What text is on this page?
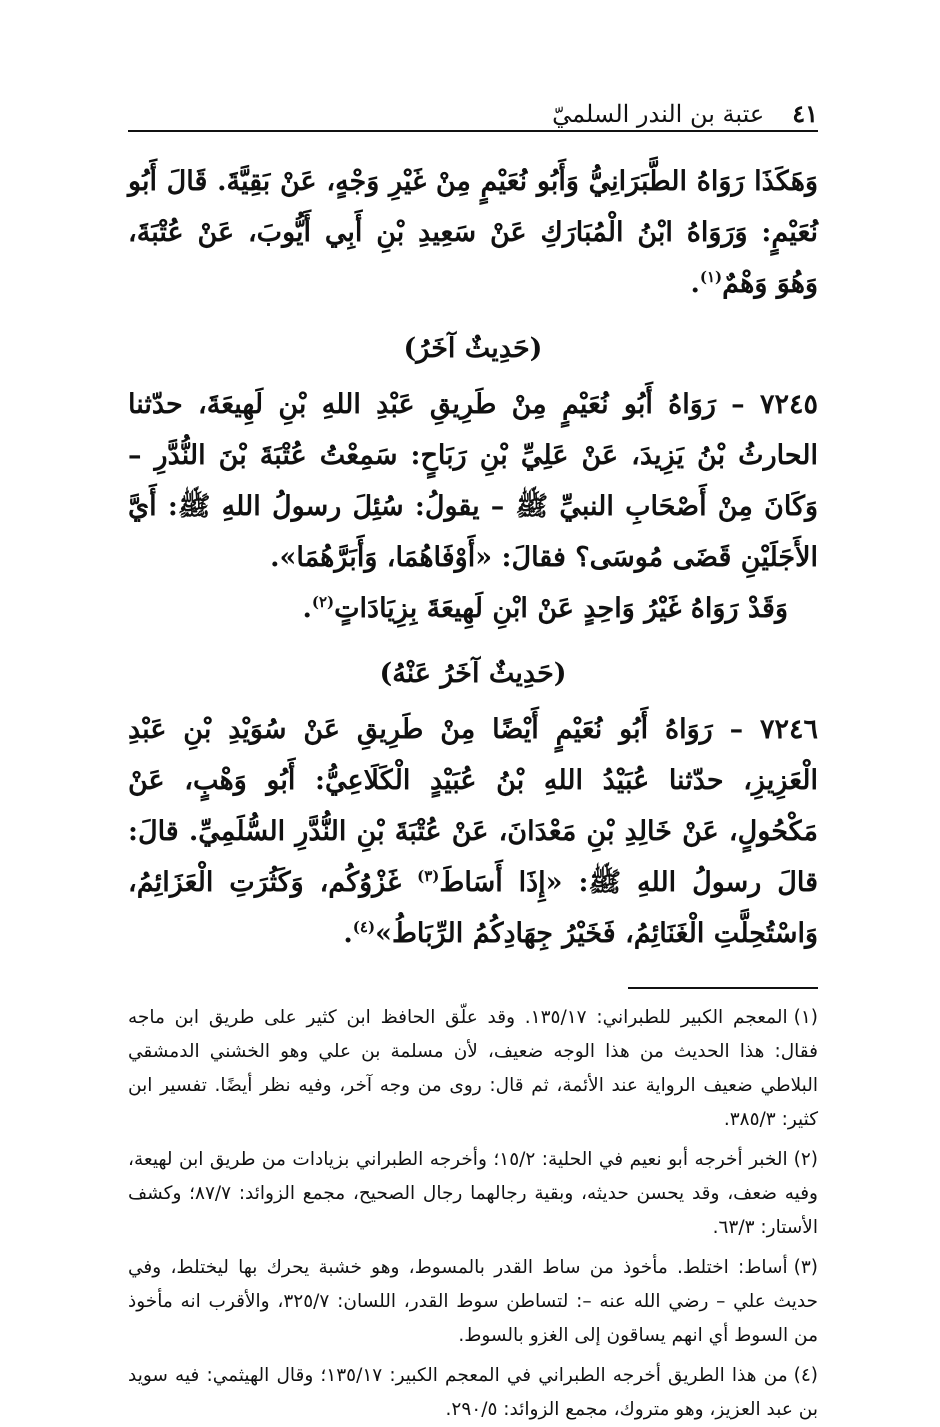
٤١
عتبة بن الندر السلميّ

وَهَكَذَا رَوَاهُ الطَّبَرَانِيُّ وَأَبُو نُعَيْمٍ مِنْ غَيْرِ وَجْهٍ، عَنْ بَقِيَّةَ. قَالَ أَبُو نُعَيْمٍ: وَرَوَاهُ ابْنُ الْمُبَارَكِ عَنْ سَعِيدِ بْنِ أَبِي أَيُّوبَ، عَنْ عُتْبَةَ، وَهُوَ وَهْمٌ$^{(١)}$.

(حَدِيثٌ آخَرُ)

٧٢٤٥ – رَوَاهُ أَبُو نُعَيْمٍ مِنْ طَرِيقِ عَبْدِ اللهِ بْنِ لَهِيعَةَ، حدّثنا الحارثُ بْنُ يَزِيدَ، عَنْ عَلِيِّ بْنِ رَبَاحٍ: سَمِعْتُ عُتْبَةَ بْنَ النُّدَّرِ – وَكَانَ مِنْ أَصْحَابِ النبيِّ ﷺ – يقولُ: سُئِلَ رسولُ اللهِ ﷺ: أَيَّ الأَجَلَيْنِ قَضَى مُوسَى؟ فقالَ: «أَوْفَاهُمَا، وَأَبَرَّهُمَا».

وَقَدْ رَوَاهُ غَيْرُ وَاحِدٍ عَنْ ابْنِ لَهِيعَةَ بِزِيَادَاتٍ$^{(٢)}$.

(حَدِيثٌ آخَرُ عَنْهُ)

٧٢٤٦ – رَوَاهُ أَبُو نُعَيْمٍ أَيْضًا مِنْ طَرِيقِ عَنْ سُوَيْدِ بْنِ عَبْدِ الْعَزِيزِ، حدّثنا عُبَيْدُ اللهِ بْنُ عُبَيْدٍ الْكَلَاعِيُّ: أَبُو وَهْبٍ، عَنْ مَكْحُولٍ، عَنْ خَالِدِ بْنِ مَعْدَانَ، عَنْ عُتْبَةَ بْنِ النُّدَّرِ السُّلَمِيِّ. قالَ: قالَ رسولُ اللهِ ﷺ: «إِذَا أَسَاطَ$^{(٣)}$ غَزْوُكُم، وَكَثُرَتِ الْعَزَائِمُ، وَاسْتُحِلَّتِ الْغَنَائِمُ، فَخَيْرُ جِهَادِكُمُ الرِّبَاطُ»$^{(٤)}$.

(١)المعجم الكبير للطبراني: ١٣٥/١٧. وقد علّق الحافظ ابن كثير على طريق ابن ماجه فقال: هذا الحديث من هذا الوجه ضعيف، لأن مسلمة بن علي وهو الخشني الدمشقي البلاطي ضعيف الرواية عند الأئمة، ثم قال: روى من وجه آخر، وفيه نظر أيضًا. تفسير ابن كثير: ٣٨٥/٣.

(٢)الخبر أخرجه أبو نعيم في الحلية: ١٥/٢؛ وأخرجه الطبراني بزيادات من طريق ابن لهيعة، وفيه ضعف، وقد يحسن حديثه، وبقية رجالهما رجال الصحيح، مجمع الزوائد: ٨٧/٧؛ وكشف الأستار: ٦٣/٣.

(٣)أساط: اختلط. مأخوذ من ساط القدر بالمسوط، وهو خشبة يحرك بها ليختلط، وفي حديث علي – رضي الله عنه –: لتساطن سوط القدر، اللسان: ٣٢٥/٧، والأقرب انه مأخوذ من السوط أي انهم يساقون إلى الغزو بالسوط.

(٤)من هذا الطريق أخرجه الطبراني في المعجم الكبير: ١٣٥/١٧؛ وقال الهيثمي: فيه سويد بن عبد العزيز، وهو متروك، مجمع الزوائد: ٢٩٠/٥.
